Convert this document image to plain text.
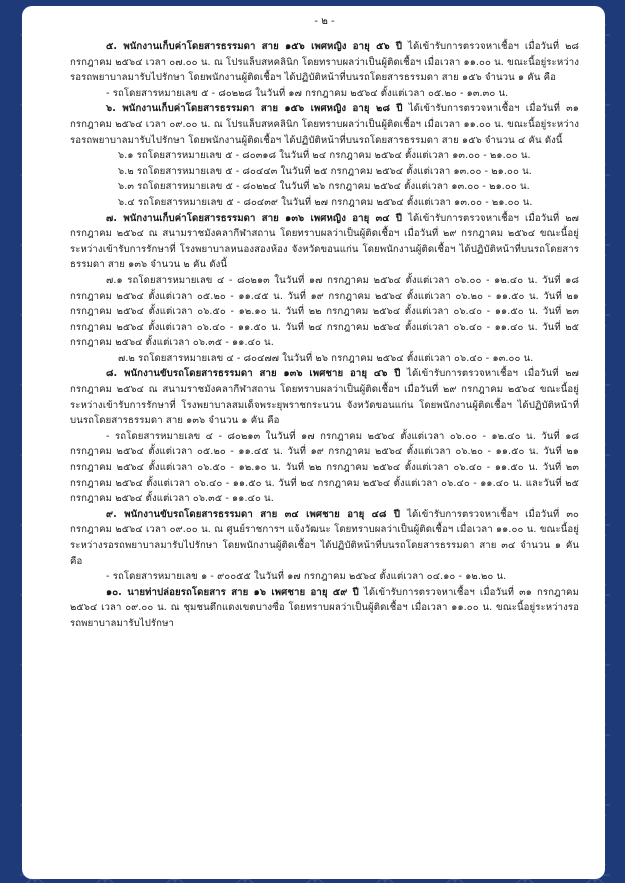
- ๒ -

๕. พนักงานเก็บค่าโดยสารธรรมดา สาย ๑๕๖ เพศหญิง อายุ ๕๖ ปี ได้เข้ารับการตรวจหาเชื้อฯ เมื่อวันที่ ๒๘ กรกฎาคม ๒๕๖๔ เวลา ๐๗.๐๐ น. ณ โปรแล็บสหคลินิก โดยทราบผลว่าเป็นผู้ติดเชื้อฯ เมื่อเวลา ๑๑.๐๐ น. ขณะนี้อยู่ระหว่างรอรถพยาบาลมารับไปรักษา โดยพนักงานผู้ติดเชื้อฯ ได้ปฏิบัติหน้าที่บนรถโดยสารธรรมดา สาย ๑๕๖ จำนวน ๑ คัน คือ

- รถโดยสารหมายเลข ๕ - ๘๐๒๒๘ ในวันที่ ๑๗ กรกฎาคม ๒๕๖๔ ตั้งแต่เวลา ๐๕.๒๐ - ๑๓.๓๐ น.

๖. พนักงานเก็บค่าโดยสารธรรมดา สาย ๑๕๖ เพศหญิง อายุ ๒๘ ปี ได้เข้ารับการตรวจหาเชื้อฯ เมื่อวันที่ ๓๑ กรกฎาคม ๒๕๖๔ เวลา ๐๙.๐๐ น. ณ โปรแล็บสหคลินิก โดยทราบผลว่าเป็นผู้ติดเชื้อฯ เมื่อเวลา ๑๑.๐๐ น. ขณะนี้อยู่ระหว่างรอรถพยาบาลมารับไปรักษา โดยพนักงานผู้ติดเชื้อฯ ได้ปฏิบัติหน้าที่บนรถโดยสารธรรมดา สาย ๑๕๖ จำนวน ๔ คัน ดังนี้

๖.๑ รถโดยสารหมายเลข ๕ - ๘๐๓๑๘ ในวันที่ ๒๔ กรกฎาคม ๒๕๖๔ ตั้งแต่เวลา ๑๓.๐๐ - ๒๑.๐๐ น.

๖.๒ รถโดยสารหมายเลข ๕ - ๘๐๔๔๓ ในวันที่ ๒๕ กรกฎาคม ๒๕๖๔ ตั้งแต่เวลา ๑๓.๐๐ - ๒๑.๐๐ น.

๖.๓ รถโดยสารหมายเลข ๕ - ๘๐๒๒๔ ในวันที่ ๒๖ กรกฎาคม ๒๕๖๔ ตั้งแต่เวลา ๑๓.๐๐ - ๒๑.๐๐ น.

๖.๔ รถโดยสารหมายเลข ๕ - ๘๐๔๓๙ ในวันที่ ๒๗ กรกฎาคม ๒๕๖๔ ตั้งแต่เวลา ๑๓.๐๐ - ๒๑.๐๐ น.

๗. พนักงานเก็บค่าโดยสารธรรมดา สาย ๑๓๖ เพศหญิง อายุ ๓๔ ปี ได้เข้ารับการตรวจหาเชื้อฯ เมื่อวันที่ ๒๗ กรกฎาคม ๒๕๖๔ ณ สนามราชมังคลากีฬาสถาน โดยทราบผลว่าเป็นผู้ติดเชื้อฯ เมื่อวันที่ ๒๙ กรกฎาคม ๒๕๖๔ ขณะนี้อยู่ระหว่างเข้ารับการรักษาที่ โรงพยาบาลหนองสองห้อง จังหวัดขอนแก่น โดยพนักงานผู้ติดเชื้อฯ ได้ปฏิบัติหน้าที่บนรถโดยสารธรรมดา สาย ๑๓๖ จำนวน ๒ คัน ดังนี้

๗.๑ รถโดยสารหมายเลข ๔ - ๘๐๒๑๓ ในวันที่ ๑๗ กรกฎาคม ๒๕๖๔ ตั้งแต่เวลา ๐๖.๐๐ - ๑๒.๔๐ น. วันที่ ๑๘ กรกฎาคม ๒๕๖๔ ตั้งแต่เวลา ๐๕.๒๐ - ๑๑.๔๕ น. วันที่ ๑๙ กรกฎาคม ๒๕๖๔ ตั้งแต่เวลา ๐๖.๒๐ - ๑๑.๕๐ น. วันที่ ๒๑ กรกฎาคม ๒๕๖๔ ตั้งแต่เวลา ๐๖.๕๐ - ๑๒.๑๐ น. วันที่ ๒๒ กรกฎาคม ๒๕๖๔ ตั้งแต่เวลา ๐๖.๔๐ - ๑๑.๕๐ น. วันที่ ๒๓ กรกฎาคม ๒๕๖๔ ตั้งแต่เวลา ๐๖.๔๐ - ๑๑.๕๐ น. วันที่ ๒๔ กรกฎาคม ๒๕๖๔ ตั้งแต่เวลา ๐๖.๔๐ - ๑๑.๔๐ น. วันที่ ๒๕ กรกฎาคม ๒๕๖๔ ตั้งแต่เวลา ๐๖.๓๕ - ๑๑.๔๐ น.

๗.๒ รถโดยสารหมายเลข ๔ - ๘๐๔๗๗ ในวันที่ ๒๖ กรกฎาคม ๒๕๖๔ ตั้งแต่เวลา ๐๖.๔๐ - ๑๓.๐๐ น.

๘. พนักงานขับรถโดยสารธรรมดา สาย ๑๓๖ เพศชาย อายุ ๔๖ ปี ได้เข้ารับการตรวจหาเชื้อฯ เมื่อวันที่ ๒๗ กรกฎาคม ๒๕๖๔ ณ สนามราชมังคลากีฬาสถาน โดยทราบผลว่าเป็นผู้ติดเชื้อฯ เมื่อวันที่ ๒๙ กรกฎาคม ๒๕๖๔ ขณะนี้อยู่ระหว่างเข้ารับการรักษาที่ โรงพยาบาลสมเด็จพระยุพราชกระนวน จังหวัดขอนแก่น โดยพนักงานผู้ติดเชื้อฯ ได้ปฏิบัติหน้าที่บนรถโดยสารธรรมดา สาย ๑๓๖ จำนวน ๑ คัน คือ

- รถโดยสารหมายเลข ๔ - ๘๐๒๑๓ ในวันที่ ๑๗ กรกฎาคม ๒๕๖๔ ตั้งแต่เวลา ๐๖.๐๐ - ๑๒.๔๐ น. วันที่ ๑๘ กรกฎาคม ๒๕๖๔ ตั้งแต่เวลา ๐๕.๒๐ - ๑๑.๔๕ น. วันที่ ๑๙ กรกฎาคม ๒๕๖๔ ตั้งแต่เวลา ๐๖.๒๐ - ๑๑.๕๐ น. วันที่ ๒๑ กรกฎาคม ๒๕๖๔ ตั้งแต่เวลา ๐๖.๕๐ - ๑๒.๑๐ น. วันที่ ๒๒ กรกฎาคม ๒๕๖๔ ตั้งแต่เวลา ๐๖.๔๐ - ๑๑.๕๐ น. วันที่ ๒๓ กรกฎาคม ๒๕๖๔ ตั้งแต่เวลา ๐๖.๔๐ - ๑๑.๕๐ น. วันที่ ๒๔ กรกฎาคม ๒๕๖๔ ตั้งแต่เวลา ๐๖.๔๐ - ๑๑.๔๐ น. และวันที่ ๒๕ กรกฎาคม ๒๕๖๔ ตั้งแต่เวลา ๐๖.๓๕ - ๑๑.๔๐ น.

๙. พนักงานขับรถโดยสารธรรมดา สาย ๓๔ เพศชาย อายุ ๔๘ ปี ได้เข้ารับการตรวจหาเชื้อฯ เมื่อวันที่ ๓๐ กรกฎาคม ๒๕๖๔ เวลา ๐๙.๐๐ น. ณ ศูนย์ราชการฯ แจ้งวัฒนะ โดยทราบผลว่าเป็นผู้ติดเชื้อฯ เมื่อเวลา ๑๑.๐๐ น. ขณะนี้อยู่ระหว่างรอรถพยาบาลมารับไปรักษา โดยพนักงานผู้ติดเชื้อฯ ได้ปฏิบัติหน้าที่บนรถโดยสารธรรมดา สาย ๓๔ จำนวน ๑ คัน คือ

- รถโดยสารหมายเลข ๑ - ๙๐๐๕๕ ในวันที่ ๑๗ กรกฎาคม ๒๕๖๔ ตั้งแต่เวลา ๐๔.๑๐ - ๑๒.๒๐ น.

๑๐. นายท่าปล่อยรถโดยสาร สาย ๑๖ เพศชาย อายุ ๕๙ ปี ได้เข้ารับการตรวจหาเชื้อฯ เมื่อวันที่ ๓๑ กรกฎาคม ๒๕๖๔ เวลา ๐๙.๐๐ น. ณ ชุมชนตึกแดงเขตบางซื่อ โดยทราบผลว่าเป็นผู้ติดเชื้อฯ เมื่อเวลา ๑๑.๐๐ น. ขณะนี้อยู่ระหว่างรอรถพยาบาลมารับไปรักษา
